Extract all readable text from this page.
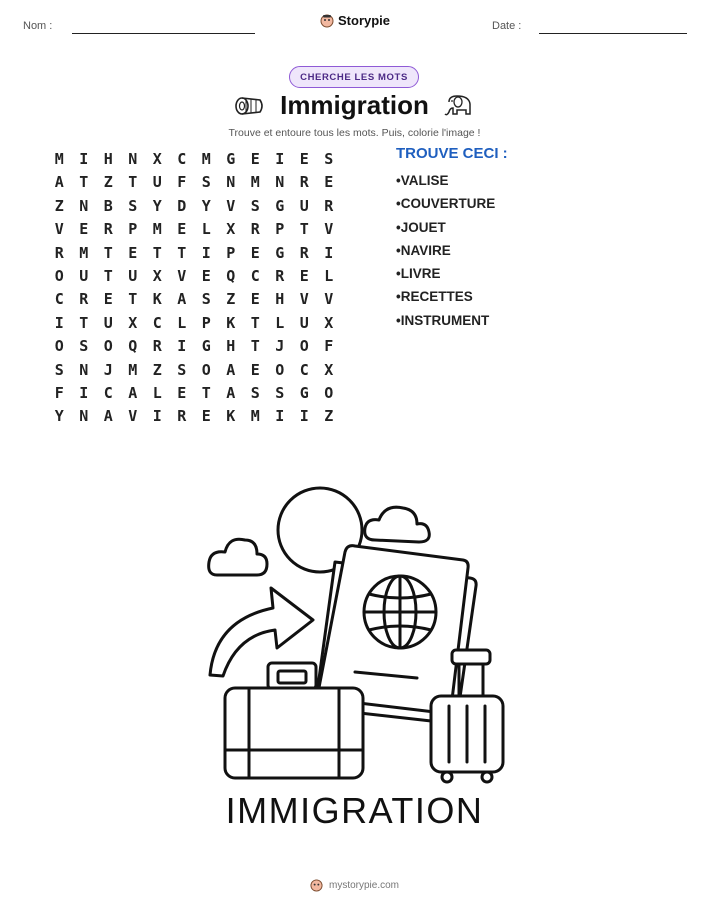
Nom :	Storypie	Date :
CHERCHE LES MOTS
Immigration
Trouve et entoure tous les mots. Puis, colorie l'image !
M	I	H	N	X	C	M	G	E	I	E	S
A	T	Z	T	U	F	S	N	M	N	R	E
Z	N	B	S	Y	D	Y	V	S	G	U	R
V	E	R	P	M	E	L	X	R	P	T	V
R	M	T	E	T	T	I	P	E	G	R	I
O	U	T	U	X	V	E	Q	C	R	E	L
C	R	E	T	K	A	S	Z	E	H	V	V
I	T	U	X	C	L	P	K	T	L	U	X
O	S	O	Q	R	I	G	H	T	J	O	F
S	N	J	M	Z	S	O	A	E	O	C	X
F	I	C	A	L	E	T	A	S	S	G	O
Y	N	A	V	I	R	E	K	M	I	I	Z
TROUVE CECI :
• VALISE
• COUVERTURE
• JOUET
• NAVIRE
• LIVRE
• RECETTES
• INSTRUMENT
IMMIGRATION
mystorypie.com
